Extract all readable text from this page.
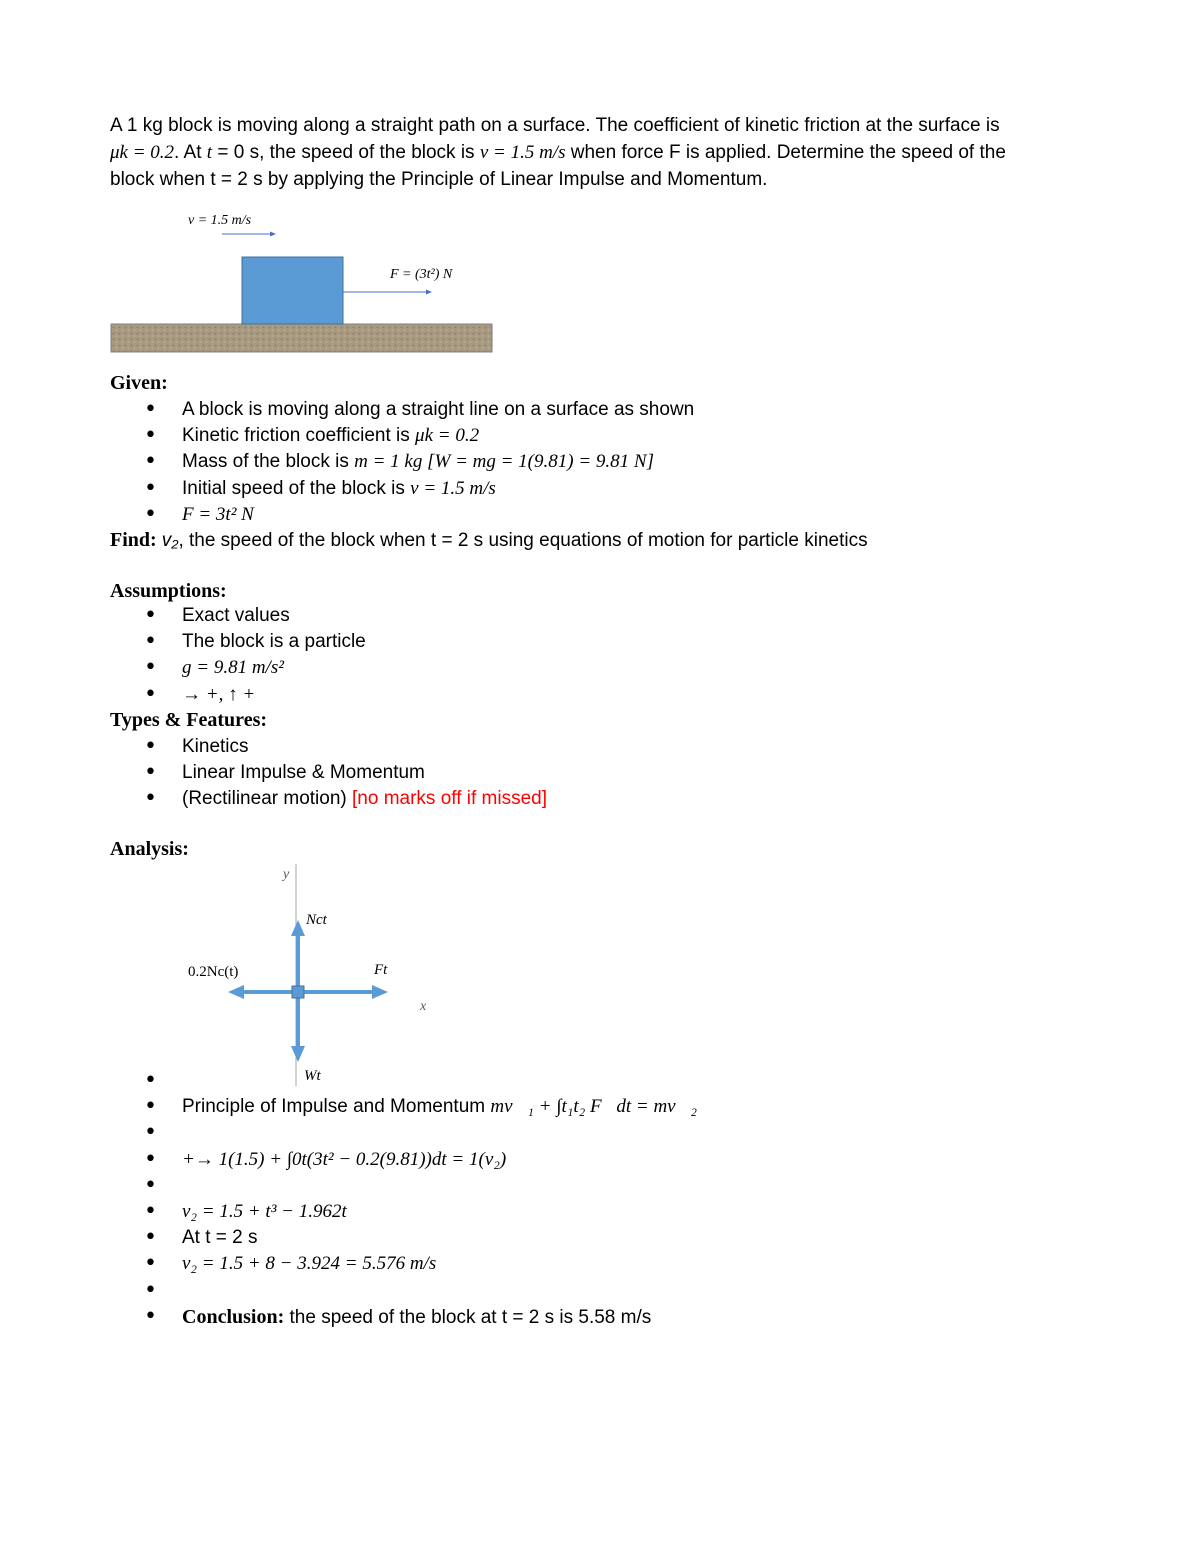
A 1 kg block is moving along a straight path on a surface. The coefficient of kinetic friction at the surface is

μk = 0.2. At t = 0 s, the speed of the block is v = 1.5 m/s when force F is applied. Determine the speed of the

block when t = 2 s by applying the Principle of Linear Impulse and Momentum.

v = 1.5 m/s
F = (3t²) N
Given:
• A block is moving along a straight line on a surface as shown
• Kinetic friction coefficient is μk = 0.2
• Mass of the block is m = 1 kg [W = mg = 1(9.81) = 9.81 N]
• Initial speed of the block is v = 1.5 m/s
• F = 3t² N
Find: v₂, the speed of the block when t = 2 s using equations of motion for particle kinetics
Assumptions:
• Exact values
• The block is a particle
• g = 9.81 m/s²
• → +, ↑ +
Types & Features:
• Kinetics
• Linear Impulse & Momentum
• (Rectilinear motion) [no marks off if missed]
Analysis:
y
x
Nct
Wt
0.2Nc(t)	Ft
•
• Principle of Impulse and Momentum mv⃗₁ + ∫t₁t₂ F⃗dt = mv⃗₂
•
• +→ 1(1.5) + ∫0t(3t² − 0.2(9.81))dt = 1(v₂)
•
• v₂ = 1.5 + t³ − 1.962t
• At t = 2 s
• v₂ = 1.5 + 8 − 3.924 = 5.576 m/s
•
• Conclusion: the speed of the block at t = 2 s is 5.58 m/s
